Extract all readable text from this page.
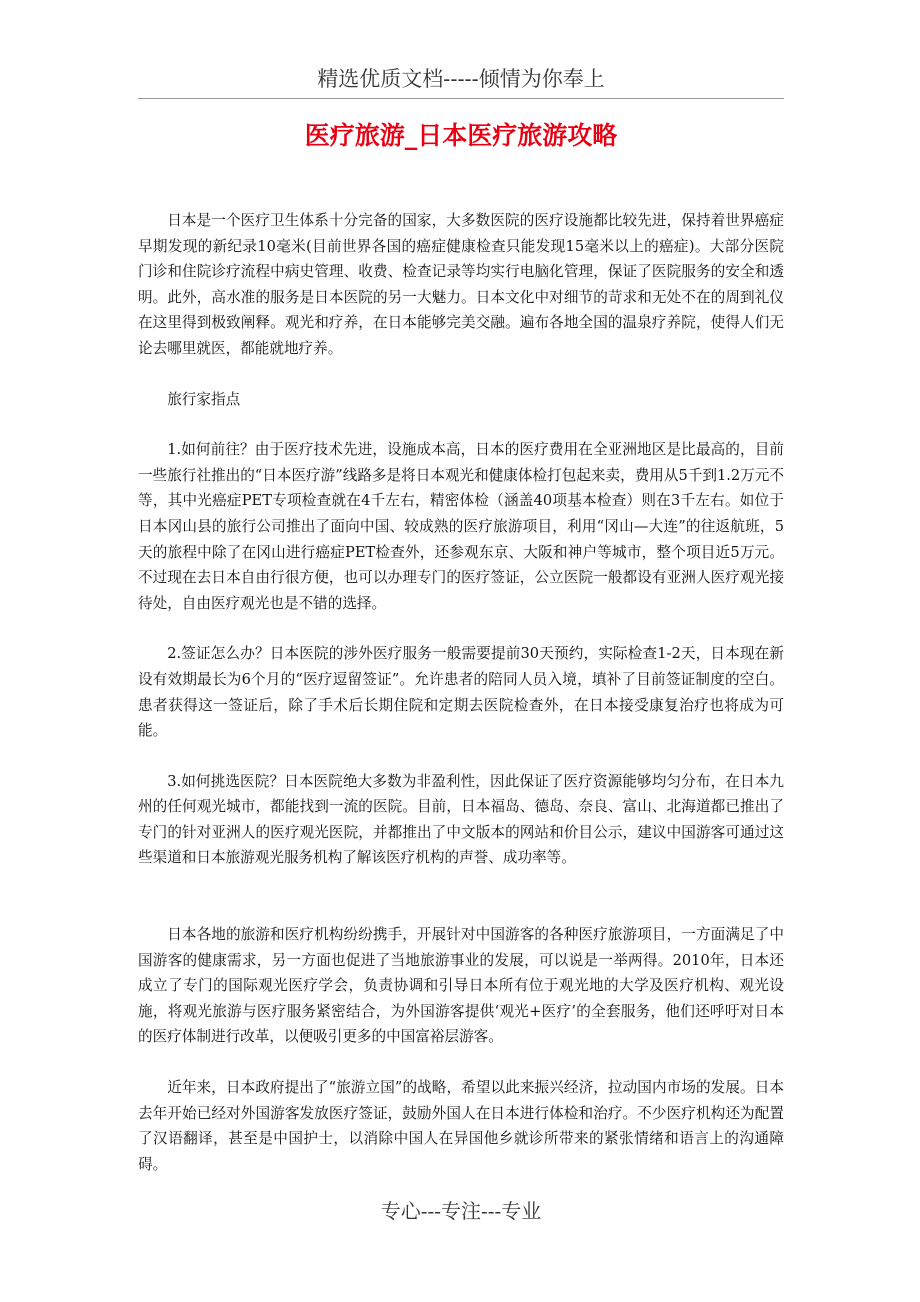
精选优质文档-----倾情为你奉上
医疗旅游_日本医疗旅游攻略

日本是一个医疗卫生体系十分完备的国家，大多数医院的医疗设施都比较先进，保持着世界癌症早期发现的新纪录10毫米(目前世界各国的癌症健康检查只能发现15毫米以上的癌症)。大部分医院门诊和住院诊疗流程中病史管理、收费、检查记录等均实行电脑化管理，保证了医院服务的安全和透明。此外，高水准的服务是日本医院的另一大魅力。日本文化中对细节的苛求和无处不在的周到礼仪在这里得到极致阐释。观光和疗养，在日本能够完美交融。遍布各地全国的温泉疗养院，使得人们无论去哪里就医，都能就地疗养。

旅行家指点

1.如何前往？由于医疗技术先进，设施成本高，日本的医疗费用在全亚洲地区是比最高的，目前一些旅行社推出的“日本医疗游”线路多是将日本观光和健康体检打包起来卖，费用从5千到1.2万元不等，其中光癌症PET专项检查就在4千左右，精密体检（涵盖40项基本检查）则在3千左右。如位于日本冈山县的旅行公司推出了面向中国、较成熟的医疗旅游项目，利用“冈山—大连”的往返航班，5天的旅程中除了在冈山进行癌症PET检查外，还参观东京、大阪和神户等城市，整个项目近5万元。不过现在去日本自由行很方便，也可以办理专门的医疗签证，公立医院一般都设有亚洲人医疗观光接待处，自由医疗观光也是不错的选择。

2.签证怎么办？日本医院的涉外医疗服务一般需要提前30天预约，实际检查1-2天，日本现在新设有效期最长为6个月的“医疗逗留签证”。允许患者的陪同人员入境，填补了目前签证制度的空白。患者获得这一签证后，除了手术后长期住院和定期去医院检查外，在日本接受康复治疗也将成为可能。

3.如何挑选医院？日本医院绝大多数为非盈利性，因此保证了医疗资源能够均匀分布，在日本九州的任何观光城市，都能找到一流的医院。目前，日本福岛、德岛、奈良、富山、北海道都已推出了专门的针对亚洲人的医疗观光医院，并都推出了中文版本的网站和价目公示，建议中国游客可通过这些渠道和日本旅游观光服务机构了解该医疗机构的声誉、成功率等。

日本各地的旅游和医疗机构纷纷携手，开展针对中国游客的各种医疗旅游项目，一方面满足了中国游客的健康需求，另一方面也促进了当地旅游事业的发展，可以说是一举两得。2010年，日本还成立了专门的国际观光医疗学会，负责协调和引导日本所有位于观光地的大学及医疗机构、观光设施，将观光旅游与医疗服务紧密结合，为外国游客提供‘观光+医疗’的全套服务，他们还呼吁对日本的医疗体制进行改革，以便吸引更多的中国富裕层游客。

近年来，日本政府提出了“旅游立国”的战略，希望以此来振兴经济，拉动国内市场的发展。日本去年开始已经对外国游客发放医疗签证，鼓励外国人在日本进行体检和治疗。不少医疗机构还为配置了汉语翻译，甚至是中国护士，以消除中国人在异国他乡就诊所带来的紧张情绪和语言上的沟通障碍。

专心---专注---专业
